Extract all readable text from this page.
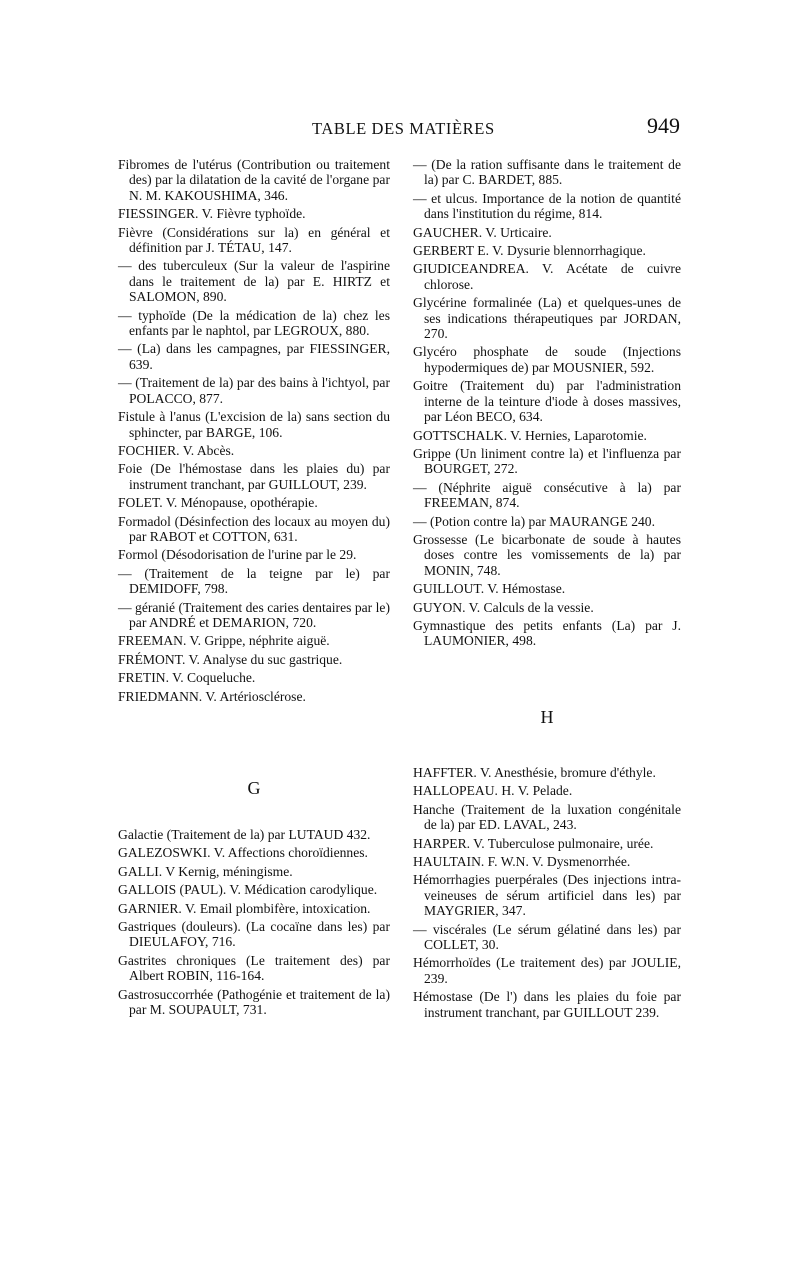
TABLE DES MATIÈRES	949

Fibromes de l'utérus (Contribution ou traitement des) par la dilatation de la cavité de l'organe par N. M. KAKOUSHIMA, 346.

FIESSINGER. V. Fièvre typhoïde.

Fièvre (Considérations sur la) en général et définition par J. TÉTAU, 147.

— des tuberculeux (Sur la valeur de l'aspirine dans le traitement de la) par E. HIRTZ et SALOMON, 890.

— typhoïde (De la médication de la) chez les enfants par le naphtol, par LEGROUX, 880.

— (La) dans les campagnes, par FIESSINGER, 639.

— (Traitement de la) par des bains à l'ichtyol, par POLACCO, 877.

Fistule à l'anus (L'excision de la) sans section du sphincter, par BARGE, 106.

FOCHIER. V. Abcès.

Foie (De l'hémostase dans les plaies du) par instrument tranchant, par GUILLOUT, 239.

FOLET. V. Ménopause, opothérapie.

Formadol (Désinfection des locaux au moyen du) par RABOT et COTTON, 631.

Formol (Désodorisation de l'urine par le 29.

— (Traitement de la teigne par le) par DEMIDOFF, 798.

— géranié (Traitement des caries dentaires par le) par ANDRÉ et DEMARION, 720.

FREEMAN. V. Grippe, néphrite aiguë.

FRÉMONT. V. Analyse du suc gastrique.

FRETIN. V. Coqueluche.

FRIEDMANN. V. Artériosclérose.

— (De la ration suffisante dans le traitement de la) par C. BARDET, 885.

— et ulcus. Importance de la notion de quantité dans l'institution du régime, 814.

GAUCHER. V. Urticaire.

GERBERT E. V. Dysurie blennorrhagique.

GIUDICEANDREA. V. Acétate de cuivre chlorose.

Glycérine formalinée (La) et quelques-unes de ses indications thérapeutiques par JORDAN, 270.

Glycéro phosphate de soude (Injections hypodermiques de) par MOUSNIER, 592.

Goitre (Traitement du) par l'administration interne de la teinture d'iode à doses massives, par Léon BECO, 634.

GOTTSCHALK. V. Hernies, Laparotomie.

Grippe (Un liniment contre la) et l'influenza par BOURGET, 272.

— (Néphrite aiguë consécutive à la) par FREEMAN, 874.

— (Potion contre la) par MAURANGE 240.

Grossesse (Le bicarbonate de soude à hautes doses contre les vomissements de la) par MONIN, 748.

GUILLOUT. V. Hémostase.

GUYON. V. Calculs de la vessie.

Gymnastique des petits enfants (La) par J. LAUMONIER, 498.

H
G

Galactie (Traitement de la) par LUTAUD 432.

GALEZOSWKI. V. Affections choroïdiennes.

GALLI. V Kernig, méningisme.

GALLOIS (PAUL). V. Médication carodylique.

GARNIER. V. Email plombifère, intoxication.

Gastriques (douleurs). (La cocaïne dans les) par DIEULAFOY, 716.

Gastrites chroniques (Le traitement des) par Albert ROBIN, 116-164.

Gastrosuccorrhée (Pathogénie et traitement de la) par M. SOUPAULT, 731.

HAFFTER. V. Anesthésie, bromure d'éthyle.

HALLOPEAU. H. V. Pelade.

Hanche (Traitement de la luxation congénitale de la) par ED. LAVAL, 243.

HARPER. V. Tuberculose pulmonaire, urée.

HAULTAIN. F. W.N. V. Dysmenorrhée.

Hémorrhagies puerpérales (Des injections intra-veineuses de sérum artificiel dans les) par MAYGRIER, 347.

— viscérales (Le sérum gélatiné dans les) par COLLET, 30.

Hémorrhoïdes (Le traitement des) par JOULIE, 239.

Hémostase (De l') dans les plaies du foie par instrument tranchant, par GUILLOUT 239.
